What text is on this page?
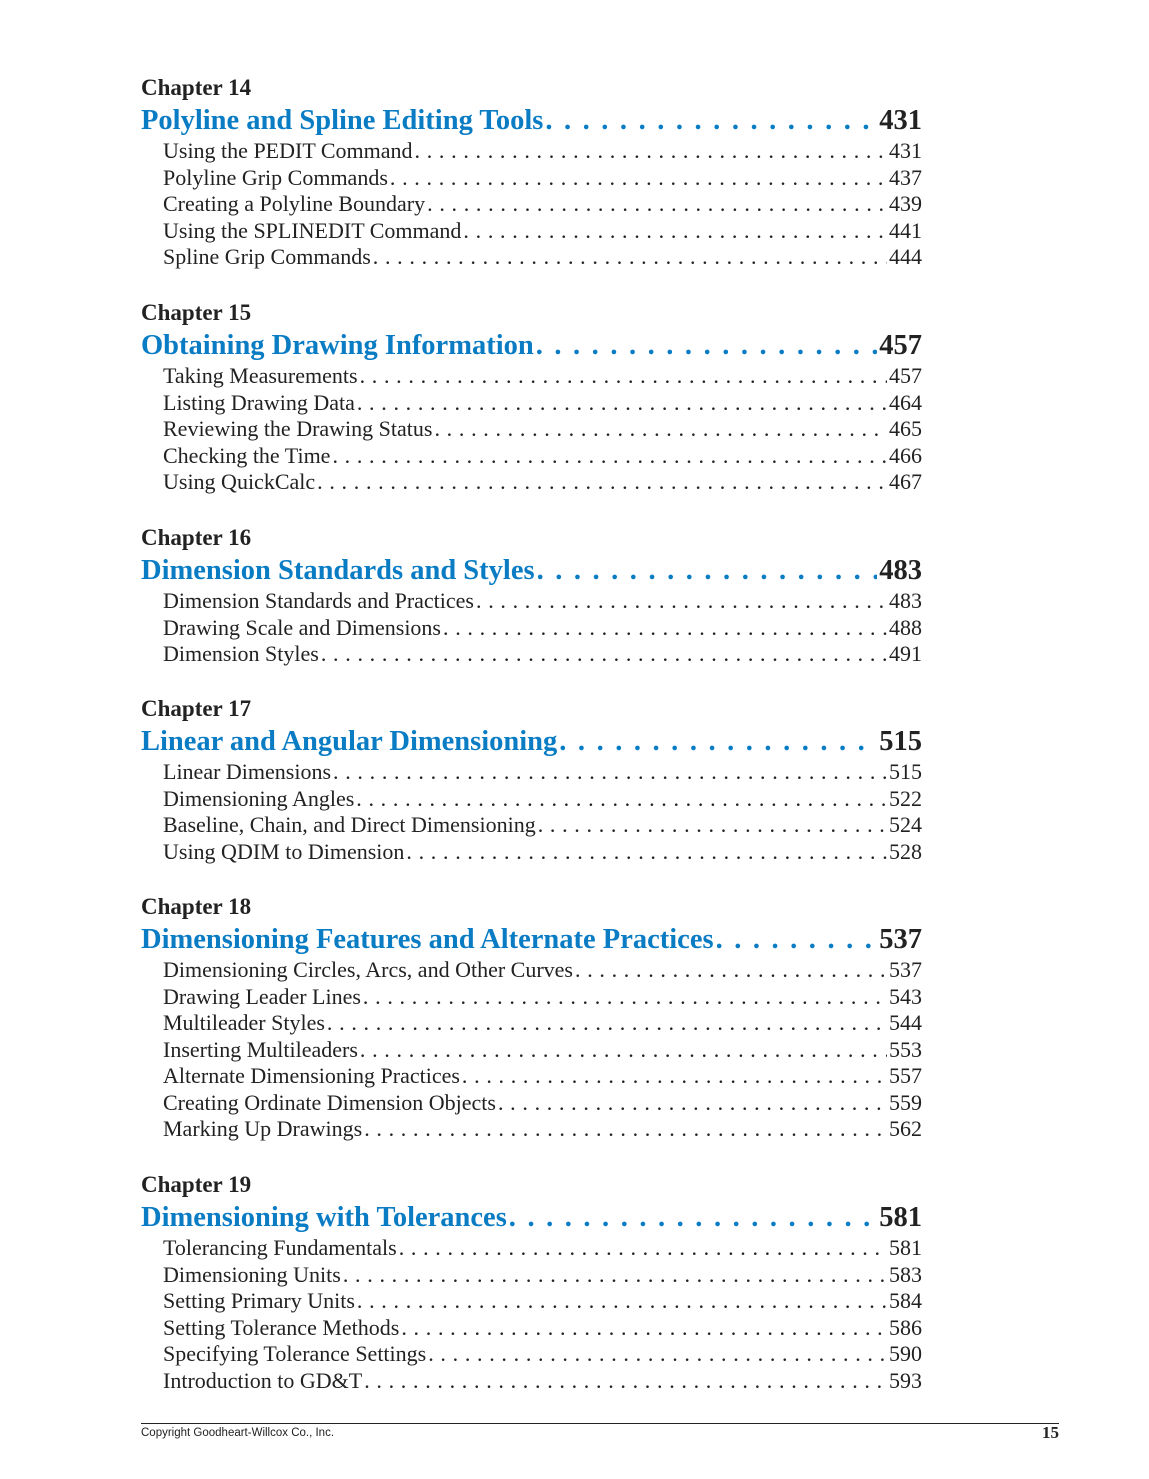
Chapter 14
Polyline and Spline Editing Tools . . .	431
Using the PEDIT Command . . .	431
Polyline Grip Commands . . .	437
Creating a Polyline Boundary . . .	439
Using the SPLINEDIT Command . . .	441
Spline Grip Commands . . .	444
Chapter 15
Obtaining Drawing Information . . .	457
Taking Measurements . . .	457
Listing Drawing Data . . .	464
Reviewing the Drawing Status . . .	465
Checking the Time . . .	466
Using QuickCalc . . .	467
Chapter 16
Dimension Standards and Styles . . .	483
Dimension Standards and Practices . . .	483
Drawing Scale and Dimensions . . .	488
Dimension Styles . . .	491
Chapter 17
Linear and Angular Dimensioning . . .	515
Linear Dimensions . . .	515
Dimensioning Angles . . .	522
Baseline, Chain, and Direct Dimensioning . . .	524
Using QDIM to Dimension . . .	528
Chapter 18
Dimensioning Features and Alternate Practices . . .	537
Dimensioning Circles, Arcs, and Other Curves . . .	537
Drawing Leader Lines . . .	543
Multileader Styles . . .	544
Inserting Multileaders . . .	553
Alternate Dimensioning Practices . . .	557
Creating Ordinate Dimension Objects . . .	559
Marking Up Drawings . . .	562
Chapter 19
Dimensioning with Tolerances . . .	581
Tolerancing Fundamentals . . .	581
Dimensioning Units . . .	583
Setting Primary Units . . .	584
Setting Tolerance Methods . . .	586
Specifying Tolerance Settings . . .	590
Introduction to GD&T . . .	593
Copyright Goodheart-Willcox Co., Inc.	15
